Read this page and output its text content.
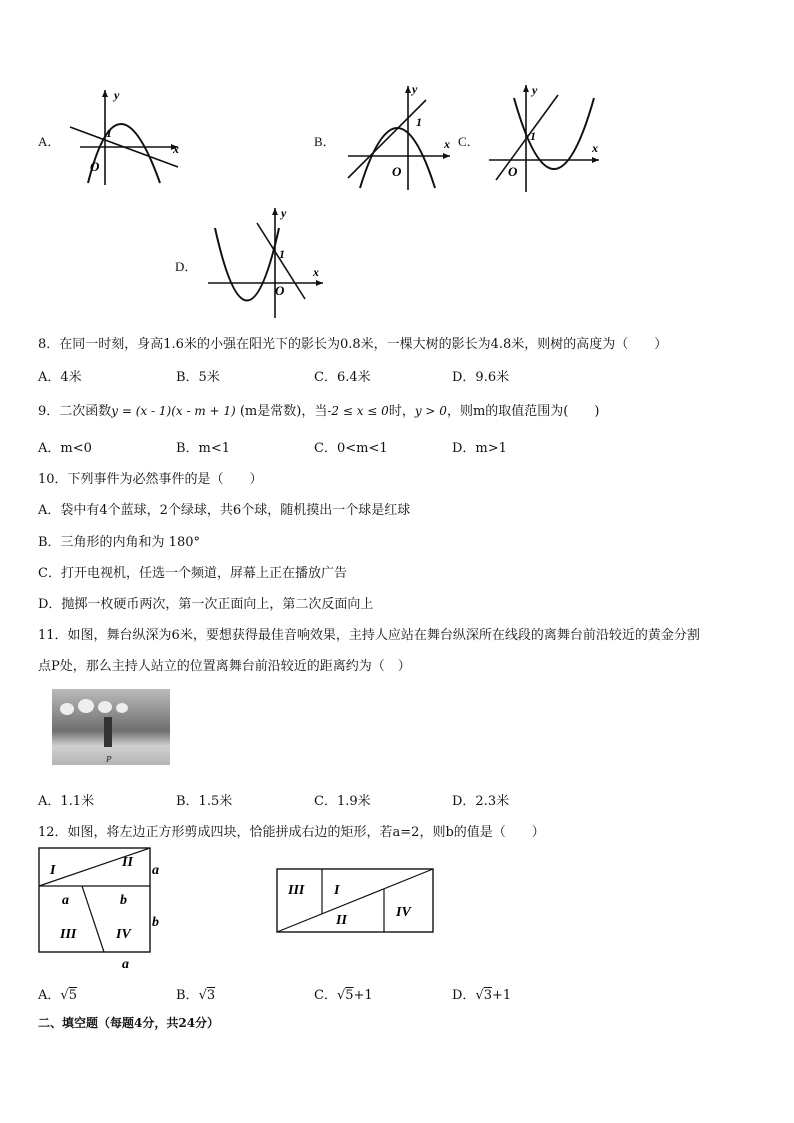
A．
y
x
O
1
B．
y
x
O
1
C．
y
x
O
1
D．
y
x
O
1
8．在同一时刻，身高1.6米的小强在阳光下的影长为0.8米，一棵大树的影长为4.8米，则树的高度为（　　）
A．4米	B．5米	C．6.4米	D．9.6米
9．二次函数y = (x - 1)(x - m + 1) (m是常数)，当-2 ≤ x ≤ 0时，y > 0，则m的取值范围为(　　)
A．m<0	B．m<1	C．0<m<1	D．m>1
10．下列事件为必然事件的是（　　）
A．袋中有4个蓝球，2个绿球，共6个球，随机摸出一个球是红球
B．三角形的内角和为 180°
C．打开电视机，任选一个频道，屏幕上正在播放广告
D．抛掷一枚硬币两次，第一次正面向上，第二次反面向上
11．如图，舞台纵深为6米，要想获得最佳音响效果，主持人应站在舞台纵深所在线段的离舞台前沿较近的黄金分割
点P处，那么主持人站立的位置离舞台前沿较近的距离约为（　）
P
A．1.1米	B．1.5米	C．1.9米	D．2.3米
12．如图，将左边正方形剪成四块，恰能拼成右边的矩形，若a=2，则b的值是（　　）
I
II
III	IV
a
b
a	b
a
III I
II
IV
A．√5	B．√3	C．√5+1	D．√3+1
二、填空题（每题4分，共24分）
